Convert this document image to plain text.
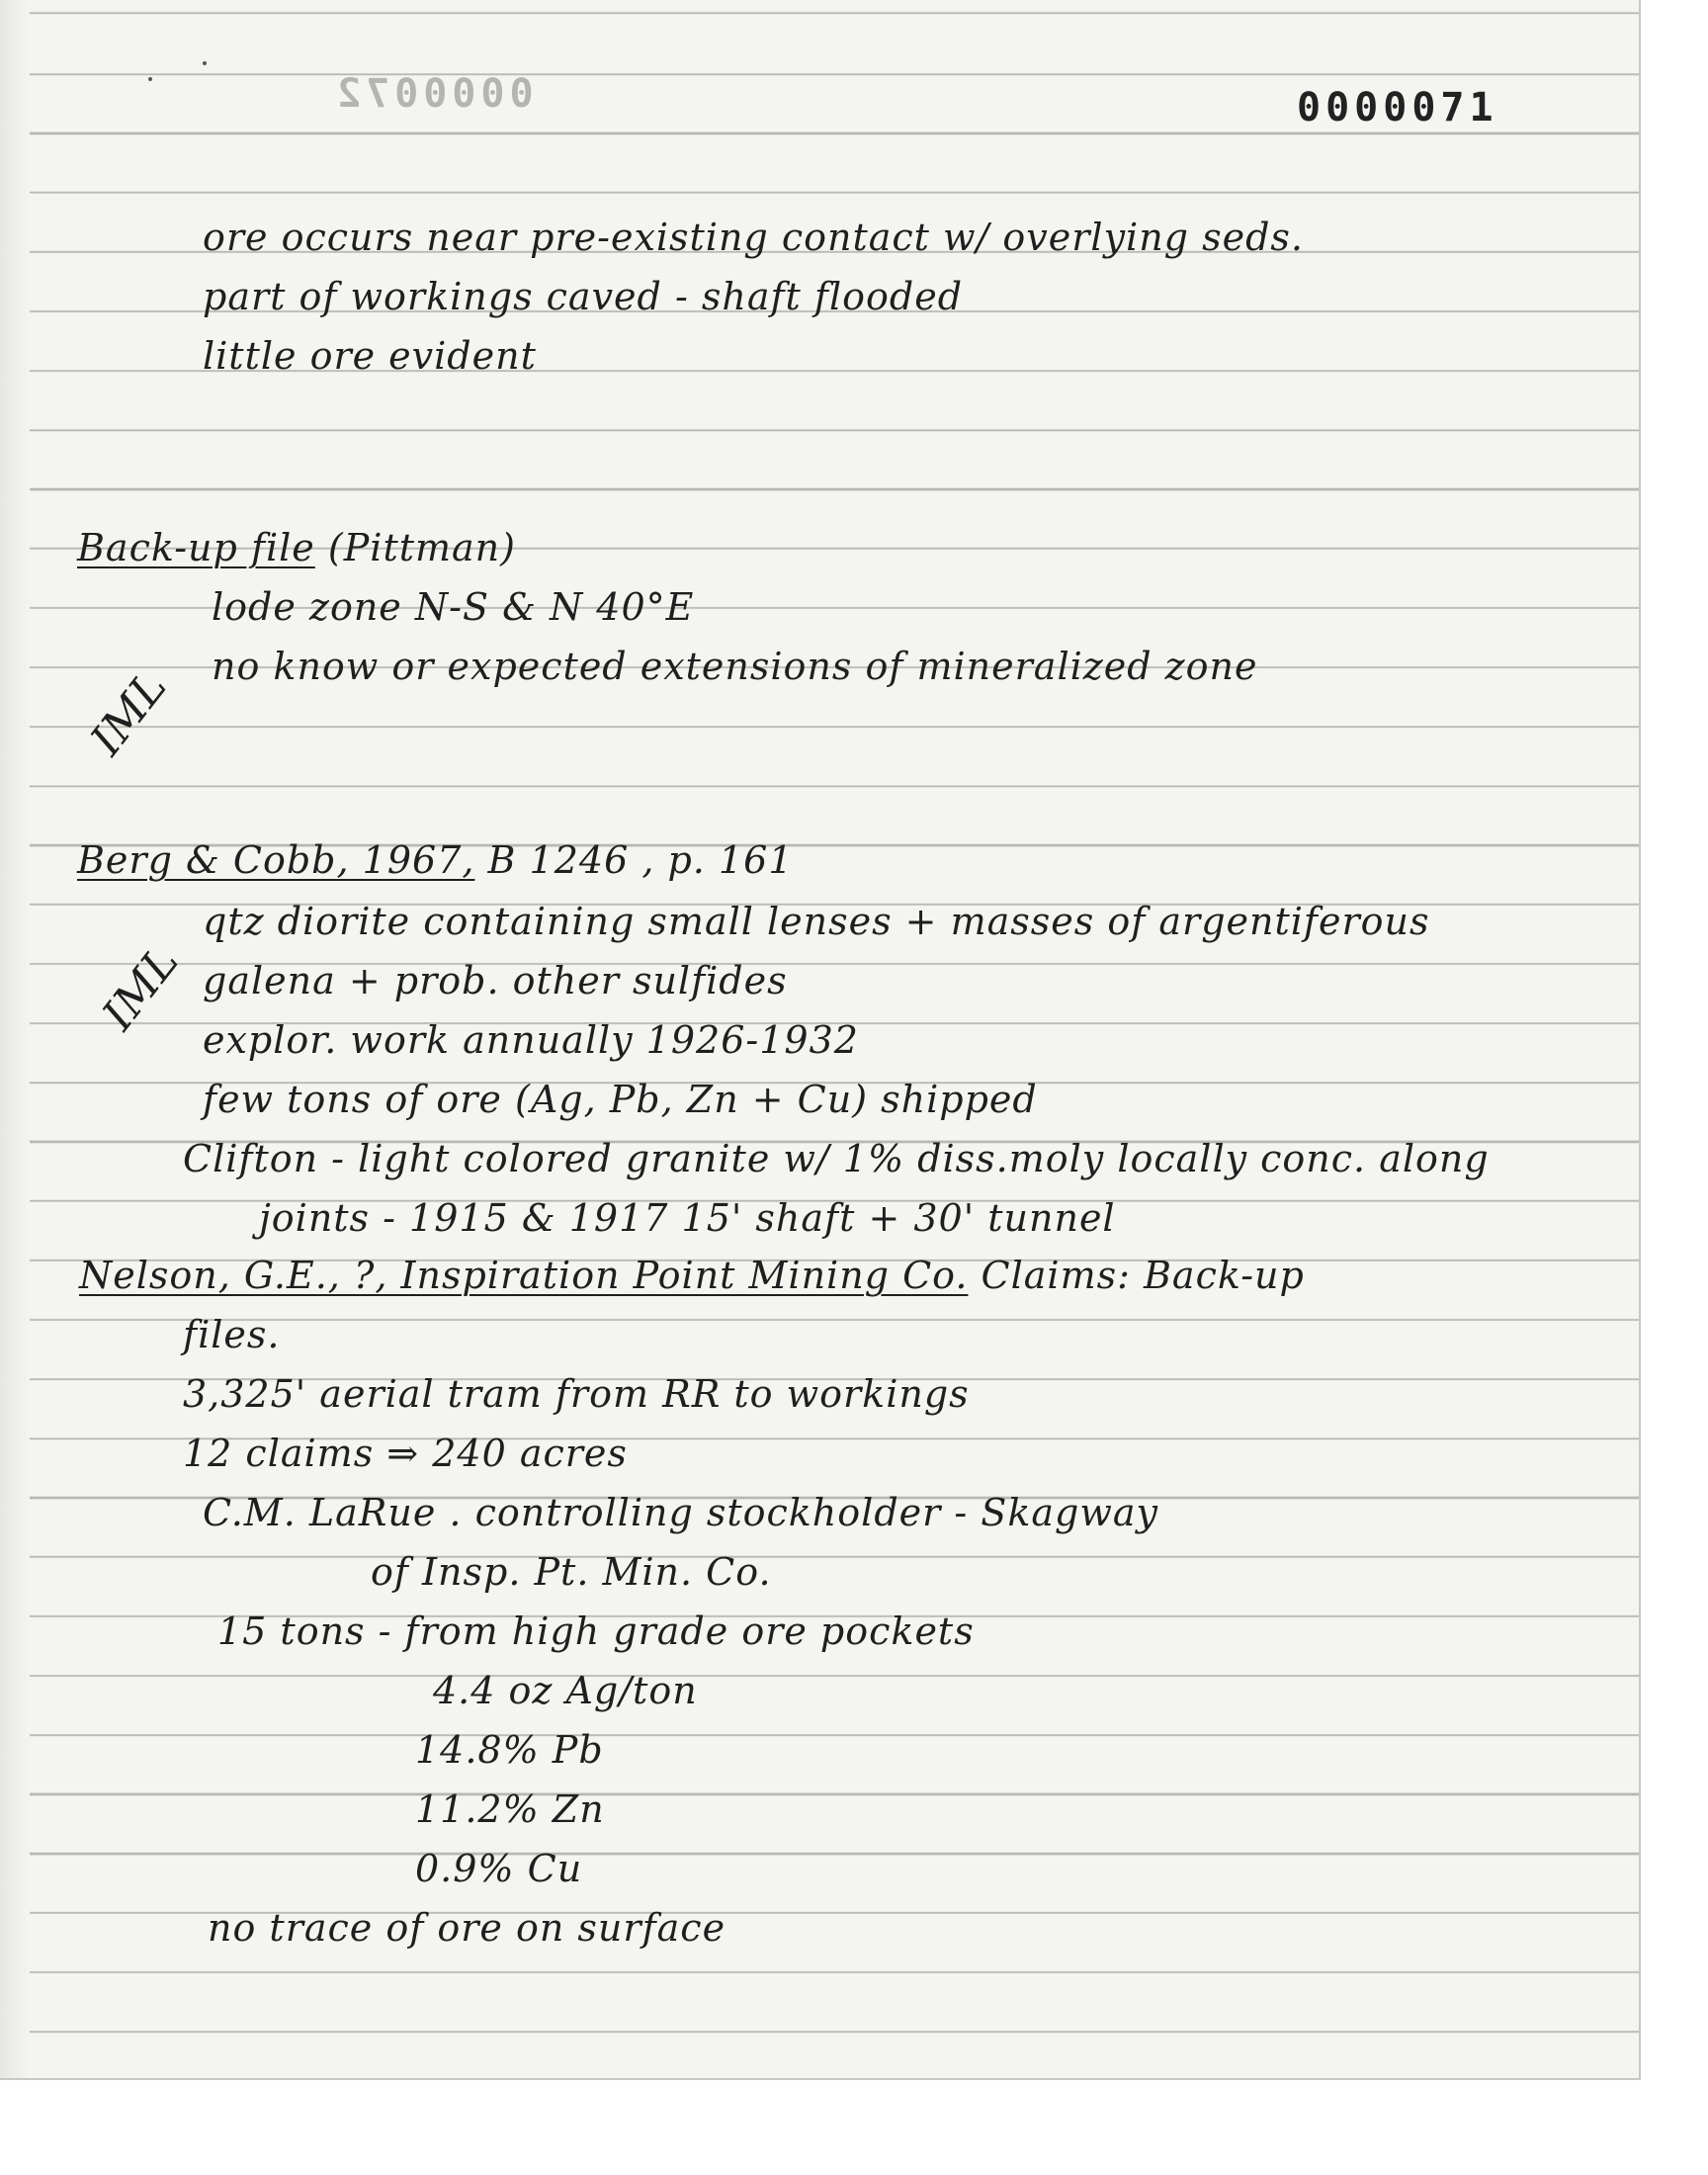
0000072	0000071
ore occurs near pre-existing contact w/ overlying seds.
part of workings caved - shaft flooded
little ore evident
Back-up file (Pittman)
lode zone N-S & N 40°E
IML no know or expected extensions of mineralized zone
Berg & Cobb, 1967, B 1246 , p. 161
IML
qtz diorite containing small lenses + masses of argentiferous
galena + prob. other sulfides
explor. work annually 1926-1932
few tons of ore (Ag, Pb, Zn + Cu) shipped
Clifton - light colored granite w/ 1% diss.moly locally conc. along
joints - 1915 & 1917 15' shaft + 30' tunnel
Nelson, G.E., ?, Inspiration Point Mining Co. Claims: Back-up
files.
3,325' aerial tram from RR to workings
12 claims ⇒ 240 acres
C.M. LaRue . controlling stockholder - Skagway
of Insp. Pt. Min. Co.
15 tons - from high grade ore pockets
4.4 oz Ag/ton
14.8% Pb
11.2% Zn
0.9% Cu
no trace of ore on surface
